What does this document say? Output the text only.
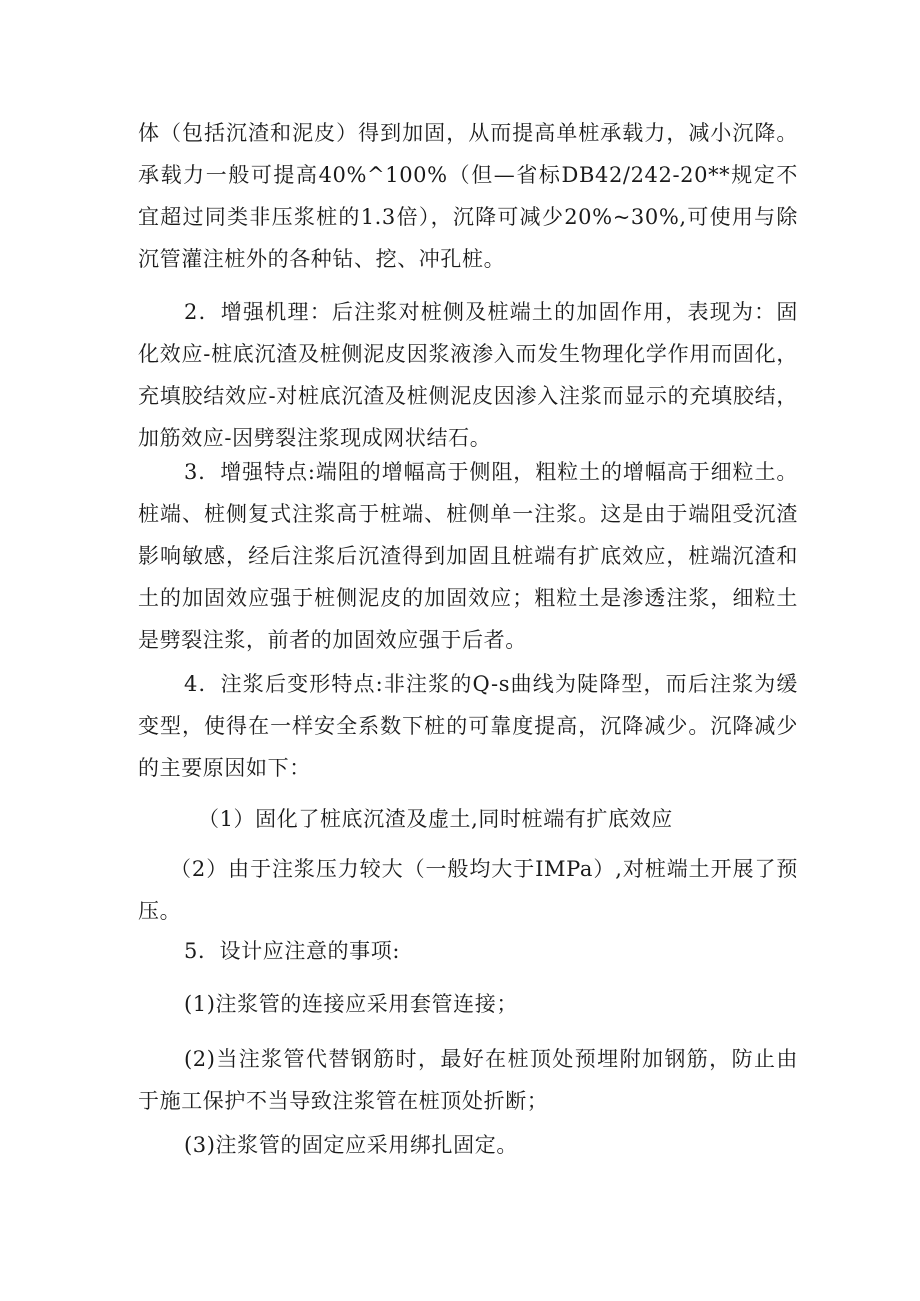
体（包括沉渣和泥皮）得到加固，从而提高单桩承载力，减小沉降。承载力一般可提高40%^100%（但—省标DB42/242-20**规定不宜超过同类非压浆桩的1.3倍），沉降可减少20%~30%,可使用与除沉管灌注桩外的各种钻、挖、冲孔桩。

2．增强机理：后注浆对桩侧及桩端土的加固作用，表现为：固化效应-桩底沉渣及桩侧泥皮因浆液渗入而发生物理化学作用而固化，充填胶结效应-对桩底沉渣及桩侧泥皮因渗入注浆而显示的充填胶结，加筋效应-因劈裂注浆现成网状结石。

3．增强特点:端阻的增幅高于侧阻，粗粒土的增幅高于细粒土。桩端、桩侧复式注浆高于桩端、桩侧单一注浆。这是由于端阻受沉渣影响敏感，经后注浆后沉渣得到加固且桩端有扩底效应，桩端沉渣和土的加固效应强于桩侧泥皮的加固效应；粗粒土是渗透注浆，细粒土是劈裂注浆，前者的加固效应强于后者。

4．注浆后变形特点:非注浆的Q-s曲线为陡降型，而后注浆为缓变型，使得在一样安全系数下桩的可靠度提高，沉降减少。沉降减少的主要原因如下：

（1）固化了桩底沉渣及虚土,同时桩端有扩底效应

（2）由于注浆压力较大（一般均大于IMPa）,对桩端土开展了预压。

5．设计应注意的事项:

(1)注浆管的连接应采用套管连接；

(2)当注浆管代替钢筋时，最好在桩顶处预埋附加钢筋，防止由于施工保护不当导致注浆管在桩顶处折断；

(3)注浆管的固定应采用绑扎固定。
